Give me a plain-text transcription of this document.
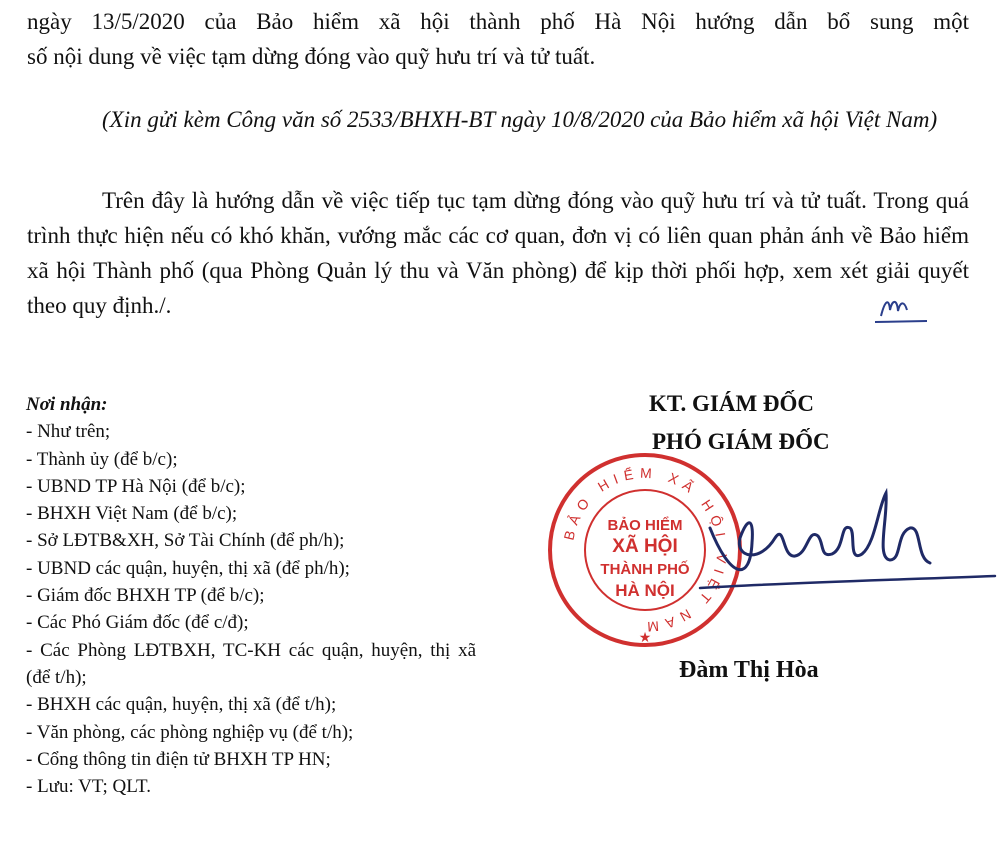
ngày 13/5/2020 của Bảo hiểm xã hội thành phố Hà Nội hướng dẫn bổ sung một

số nội dung về việc tạm dừng đóng vào quỹ hưu trí và tử tuất.

(Xin gửi kèm Công văn số 2533/BHXH-BT ngày 10/8/2020 của Bảo hiểm xã hội Việt Nam)

Trên đây là hướng dẫn về việc tiếp tục tạm dừng đóng vào quỹ hưu trí và tử tuất. Trong quá trình thực hiện nếu có khó khăn, vướng mắc các cơ quan, đơn vị có liên quan phản ánh về Bảo hiểm xã hội Thành phố (qua Phòng Quản lý thu và Văn phòng) để kịp thời phối hợp, xem xét giải quyết theo quy định./.

Nơi nhận:
- Như trên;
- Thành ủy (để b/c);
- UBND TP Hà Nội (để b/c);
- BHXH Việt Nam (để b/c);
- Sở LĐTB&XH, Sở Tài Chính (để ph/h);
- UBND các quận, huyện, thị xã (để ph/h);
- Giám đốc BHXH TP (để b/c);
- Các Phó Giám đốc (để c/đ);
- Các Phòng LĐTBXH, TC-KH các quận, huyện, thị xã (để t/h);
- BHXH các quận, huyện, thị xã (để t/h);
- Văn phòng, các phòng nghiệp vụ (để t/h);
- Cổng thông tin điện tử BHXH TP HN;
- Lưu: VT; QLT.
KT. GIÁM ĐỐC
PHÓ GIÁM ĐỐC
BẢO HIỂM XÃ HỘI VIỆT NAM
BẢO HIỂM
XÃ HỘI
THÀNH PHỐ
HÀ NỘI
★
Đàm Thị Hòa
